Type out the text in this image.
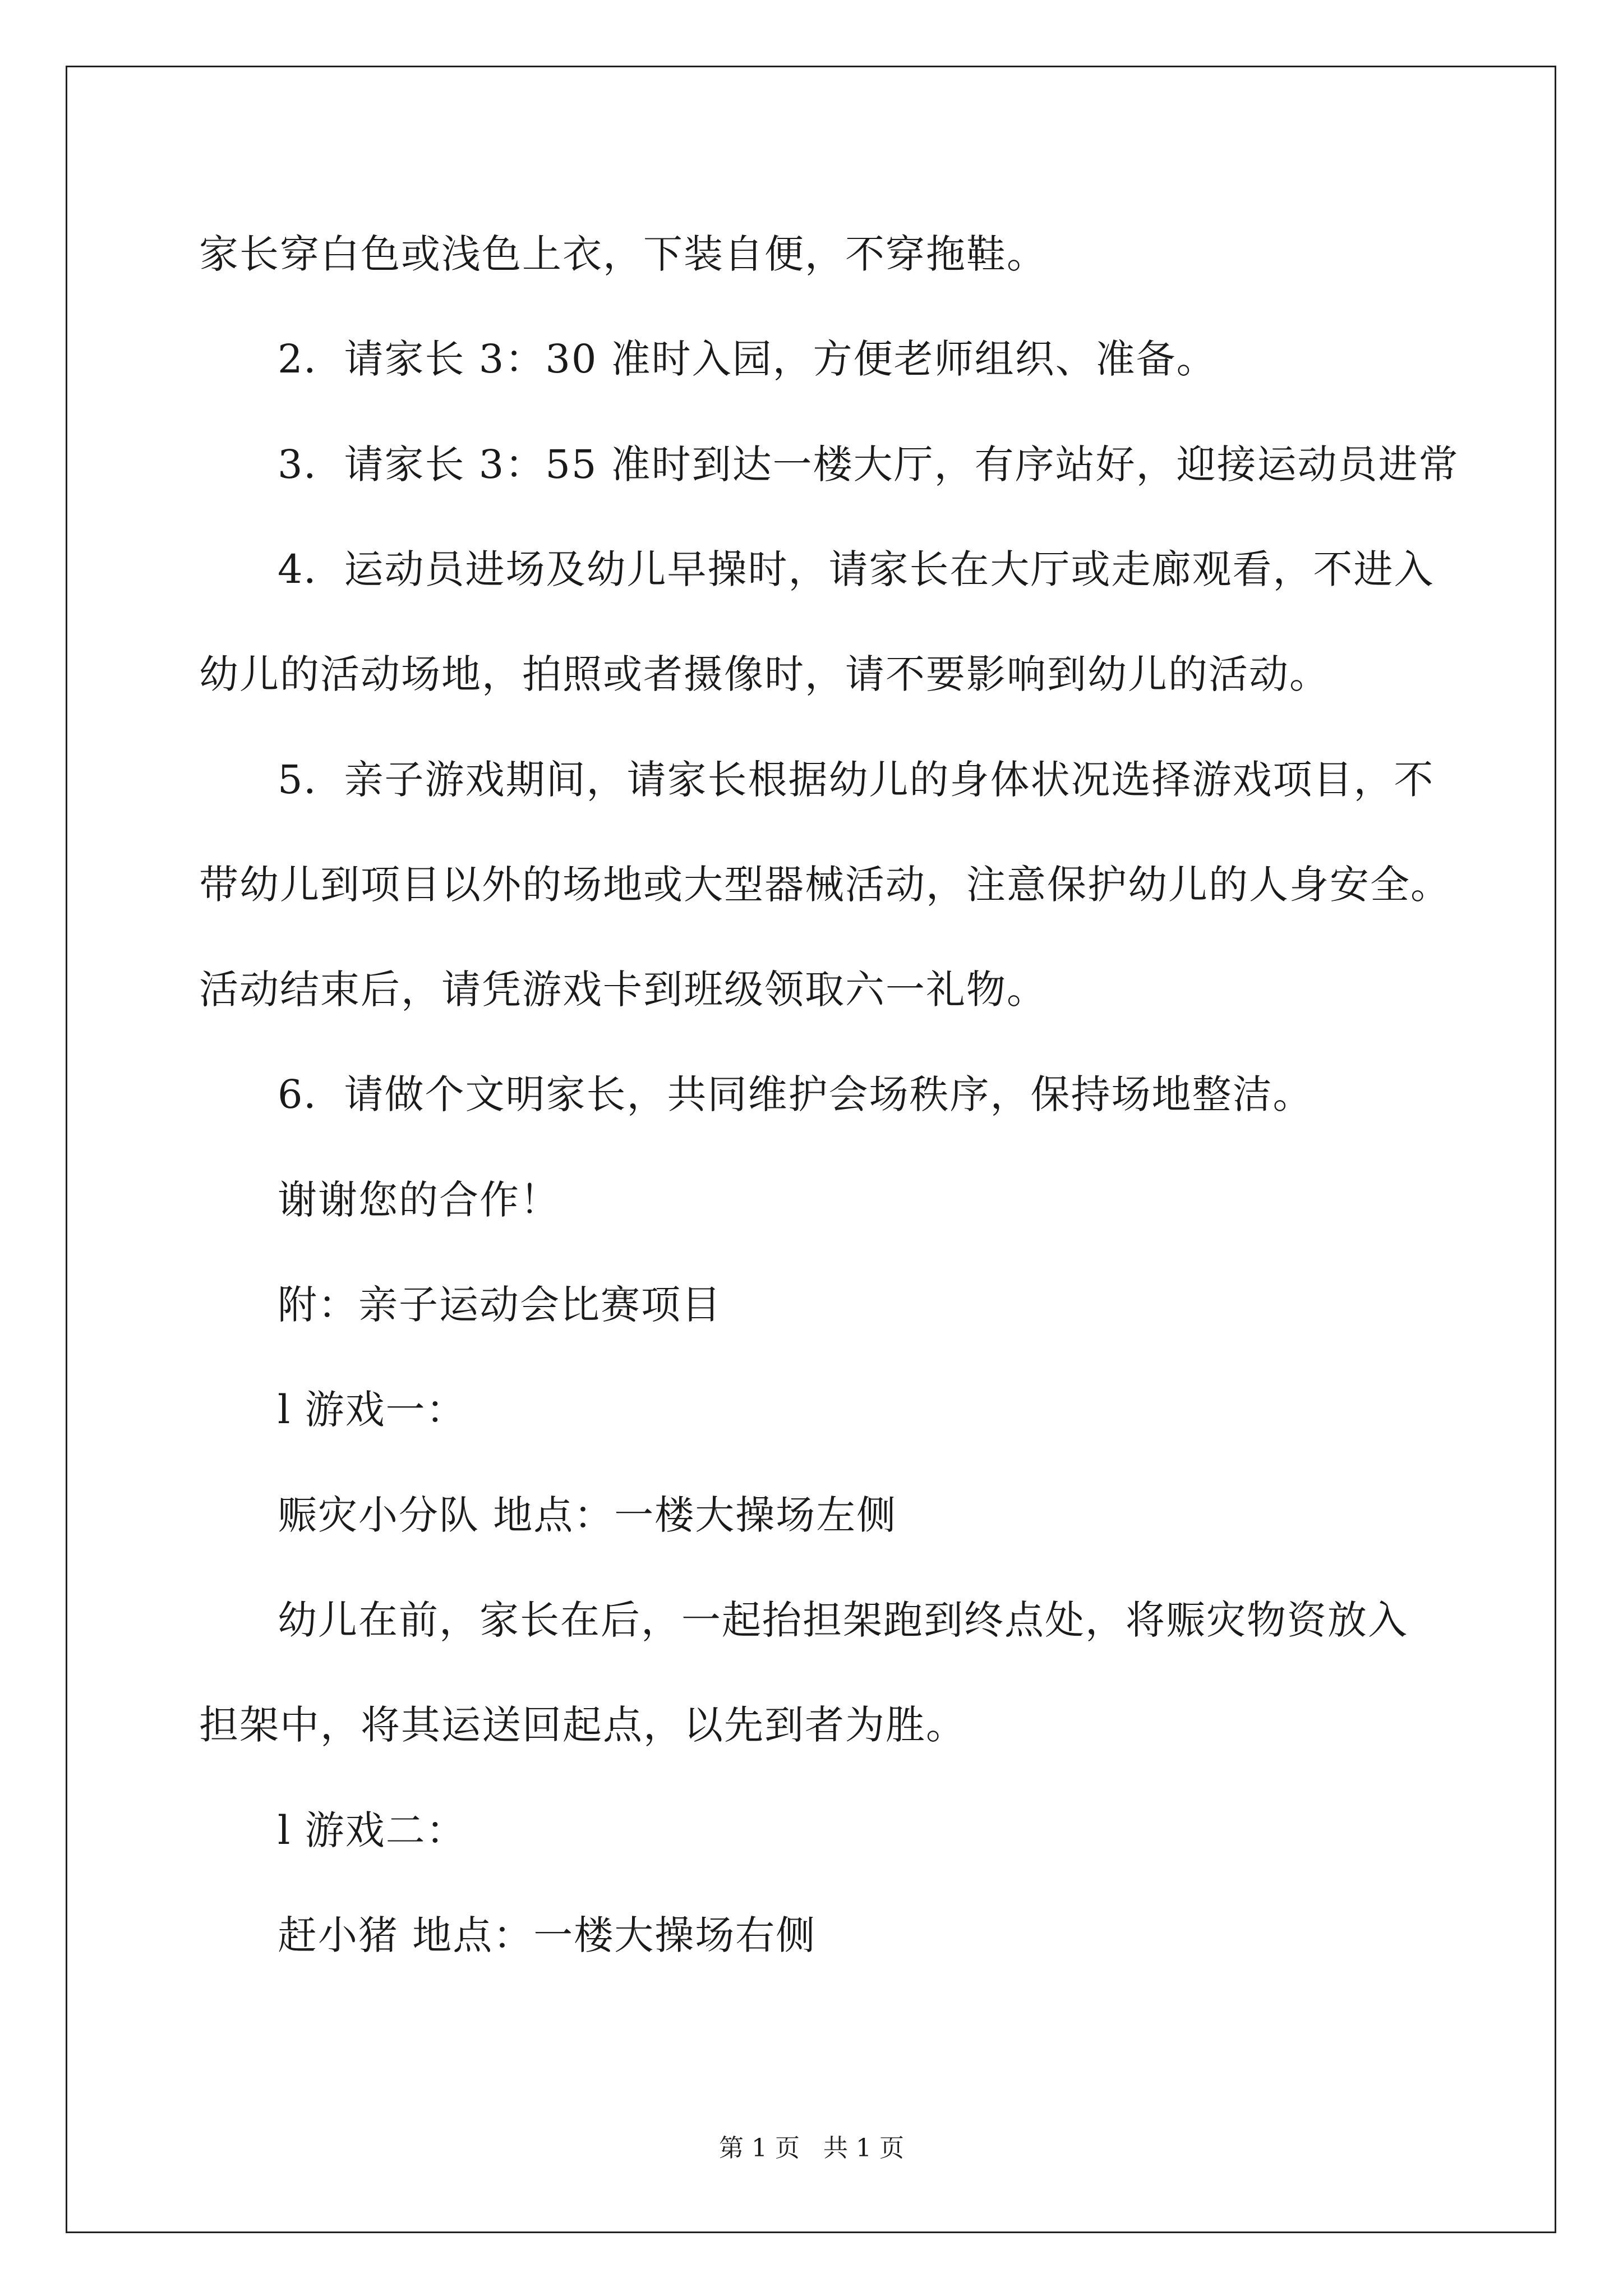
家长穿白色或浅色上衣，下装自便，不穿拖鞋。
2．请家长 3：30 准时入园，方便老师组织、准备。
3．请家长 3：55 准时到达一楼大厅，有序站好，迎接运动员进常
4．运动员进场及幼儿早操时，请家长在大厅或走廊观看，不进入
幼儿的活动场地，拍照或者摄像时，请不要影响到幼儿的活动。
5．亲子游戏期间，请家长根据幼儿的身体状况选择游戏项目，不
带幼儿到项目以外的场地或大型器械活动，注意保护幼儿的人身安全。
活动结束后，请凭游戏卡到班级领取六一礼物。
6．请做个文明家长，共同维护会场秩序，保持场地整洁。
谢谢您的合作！
附：亲子运动会比赛项目
l 游戏一：
赈灾小分队 地点：一楼大操场左侧
幼儿在前，家长在后，一起抬担架跑到终点处，将赈灾物资放入
担架中，将其运送回起点，以先到者为胜。
l 游戏二：
赶小猪 地点：一楼大操场右侧
第 1 页   共 1 页
